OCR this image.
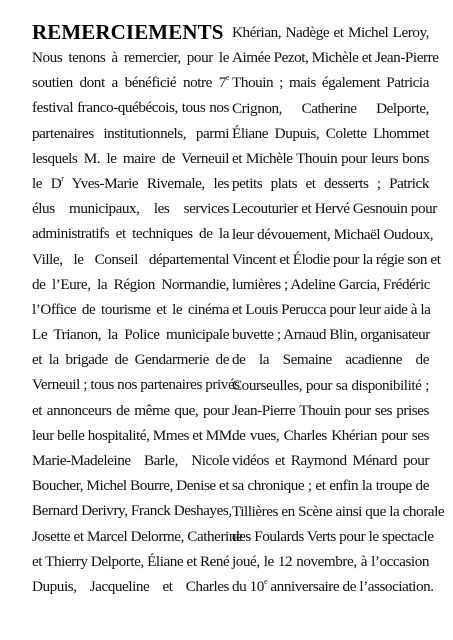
REMERCIEMENTS
Nous tenons à remercier, pour le
soutien dont a bénéficié notre 7e
festival franco-québécois, tous nos
partenaires institutionnels, parmi
lesquels M. le maire de Verneuil
le $D^r$ Yves-Marie Rivemale, les
élus municipaux, les services
administratifs et techniques de la
Ville, le Conseil départemental
de l’Eure, la Région Normandie,
l’Office de tourisme et le cinéma
Le Trianon, la Police municipale
et la brigade de Gendarmerie de
Verneuil ; tous nos partenaires privés
et annonceurs de même que, pour
leur belle hospitalité, Mmes et MM.
Marie-Madeleine Barle, Nicole
Boucher, Michel Bourre, Denise et
Bernard Derivry, Franck Deshayes,
Josette et Marcel Delorme, Catherine
et Thierry Delporte, Éliane et René
Dupuis, Jacqueline et Charles
Khérian, Nadège et Michel Leroy,
Aimée Pezot, Michèle et Jean-Pierre
Thouin ; mais également Patricia
Crignon, Catherine Delporte,
Éliane Dupuis, Colette Lhommet
et Michèle Thouin pour leurs bons
petits plats et desserts ; Patrick
Lecouturier et Hervé Gesnouin pour
leur dévouement, Michaël Oudoux,
Vincent et Élodie pour la régie son et
lumières ; Adeline Garcia, Frédéric
et Louis Perucca pour leur aide à la
buvette ; Arnaud Blin, organisateur
de la Semaine acadienne de
Courseulles, pour sa disponibilité ;
Jean-Pierre Thouin pour ses prises
de vues, Charles Khérian pour ses
vidéos et Raymond Ménard pour
sa chronique ; et enfin la troupe de
Tillières en Scène ainsi que la chorale
des Foulards Verts pour le spectacle
joué, le 12 novembre, à l’occasion
du 10e anniversaire de l’association.
